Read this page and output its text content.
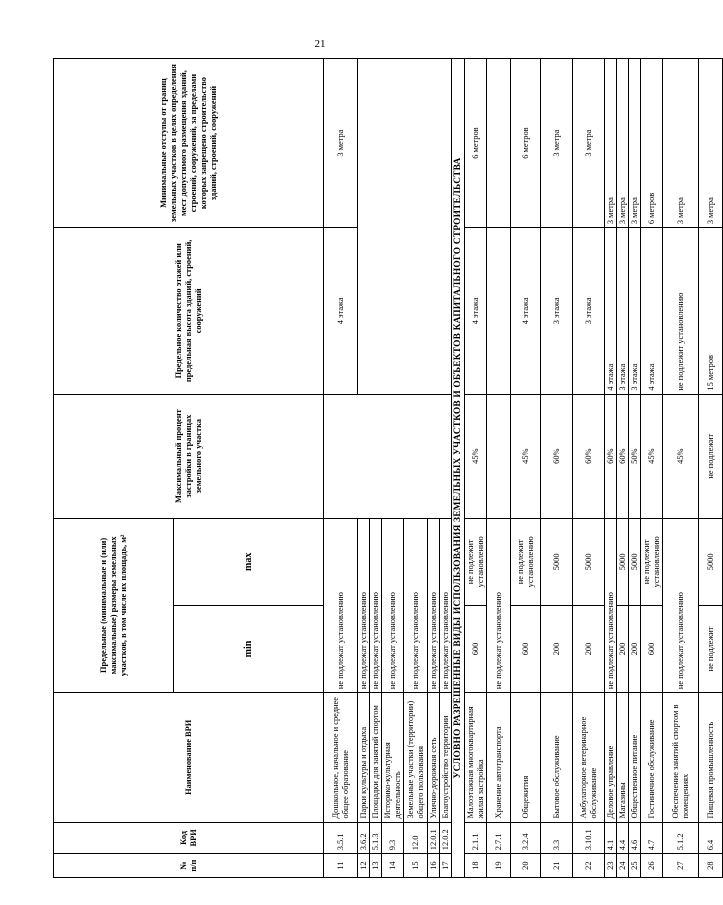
21
№ п/п	Код ВРИ	Наименование ВРИ	Предельные (минимальные и (или) максимальные) размеры земельных участков, в том числе их площадь, м²		Максимальный процент застройки в границах земельного участка	Предельное количество этажей или предельная высота зданий, строений, сооружений	Минимальные отступы от границ земельных участков в целях определения мест допустимого размещения зданий, строений, сооружений, за пределами которых запрещено строительство зданий, строений, сооружений
			min	max			
11	3.5.1	Дошкольное, начальное и среднее общее образование	не подлежат установлению			4 этажа	3 метра
12	3.6.2	Парки культуры и отдыха	не подлежат установлению				
13	5.1.3	Площадки для занятий спортом	не подлежат установлению				
14	9.3	Историко-культурная деятельность	не подлежат установлению				
15	12.0	Земельные участки (территории) общего пользования	не подлежат установлению				
16	12.0.1	Улично-дорожная сеть	не подлежат установлению				
17	12.0.2	Благоустройство территории	не подлежат установлению				
УСЛОВНО РАЗРЕШЕННЫЕ ВИДЫ ИСПОЛЬЗОВАНИЯ ЗЕМЕЛЬНЫХ УЧАСТКОВ И ОБЪЕКТОВ КАПИТАЛЬНОГО СТРОИТЕЛЬСТВА							
18	2.1.1	Малоэтажная многоквартирная жилая застройка	600	не подлежит установлению	45%	4 этажа	6 метров
19	2.7.1	Хранение автотранспорта	не подлежат установлению				
20	3.2.4	Общежития	600	не подлежит установлению	45%	4 этажа	6 метров
21	3.3	Бытовое обслуживание	200	5000	60%	3 этажа	3 метра
22	3.10.1	Амбулаторное ветеринарное обслуживание	200	5000	60%	3 этажа	3 метра
23	4.1	Деловое управление	не подлежат установлению		60%	4 этажа	3 метра
24	4.4	Магазины	200	5000	60%	3 этажа	3 метра
25	4.6	Общественное питание	200	5000	50%	3 этажа	3 метра
26	4.7	Гостиничное обслуживание	600	не подлежит установлению	45%	4 этажа	6 метров
27	5.1.2	Обеспечение занятий спортом в помещениях	не подлежат установлению		45%	не подлежит установлению	3 метра
28	6.4	Пищевая промышленность	не подлежит	5000	не подлежит	15 метров	3 метра
